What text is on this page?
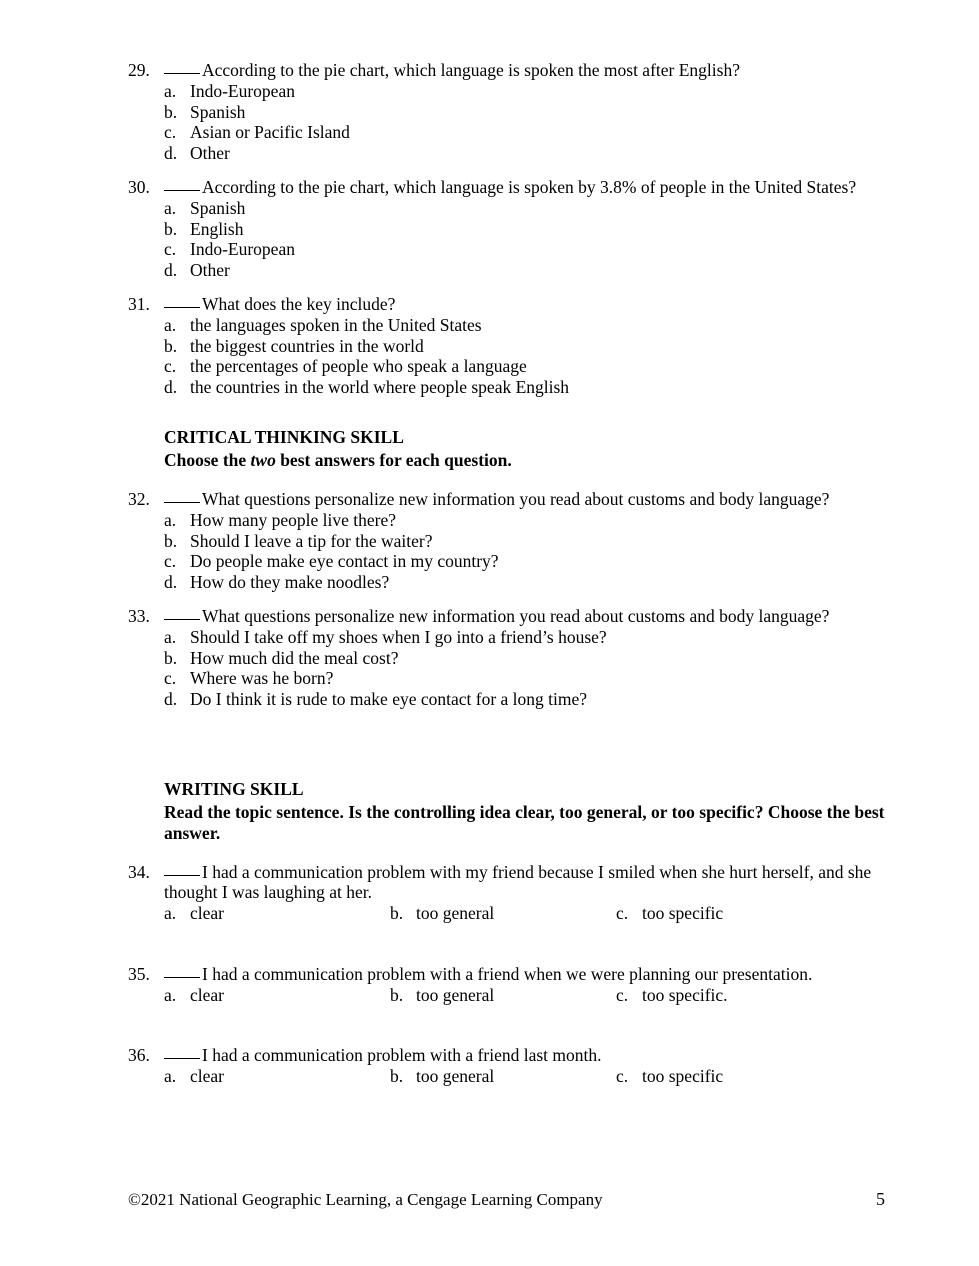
29.	According to the pie chart, which language is spoken the most after English?
a. Indo-European
b. Spanish
c. Asian or Pacific Island
d. Other
30.	According to the pie chart, which language is spoken by 3.8% of people in the United States?
a. Spanish
b. English
c. Indo-European
d. Other
31.	What does the key include?
a. the languages spoken in the United States
b. the biggest countries in the world
c. the percentages of people who speak a language
d. the countries in the world where people speak English
CRITICAL THINKING SKILL
Choose the two best answers for each question.
32.	What questions personalize new information you read about customs and body language?
a. How many people live there?
b. Should I leave a tip for the waiter?
c. Do people make eye contact in my country?
d. How do they make noodles?
33.	What questions personalize new information you read about customs and body language?
a. Should I take off my shoes when I go into a friend’s house?
b. How much did the meal cost?
c. Where was he born?
d. Do I think it is rude to make eye contact for a long time?
WRITING SKILL
Read the topic sentence. Is the controlling idea clear, too general, or too specific? Choose the best answer.
34.	I had a communication problem with my friend because I smiled when she hurt herself, and she thought I was laughing at her.
a. clear	b. too general	c. too specific
35.	I had a communication problem with a friend when we were planning our presentation.
a. clear	b. too general	c. too specific.
36.	I had a communication problem with a friend last month.
a. clear	b. too general	c. too specific
©2021 National Geographic Learning, a Cengage Learning Company	5
